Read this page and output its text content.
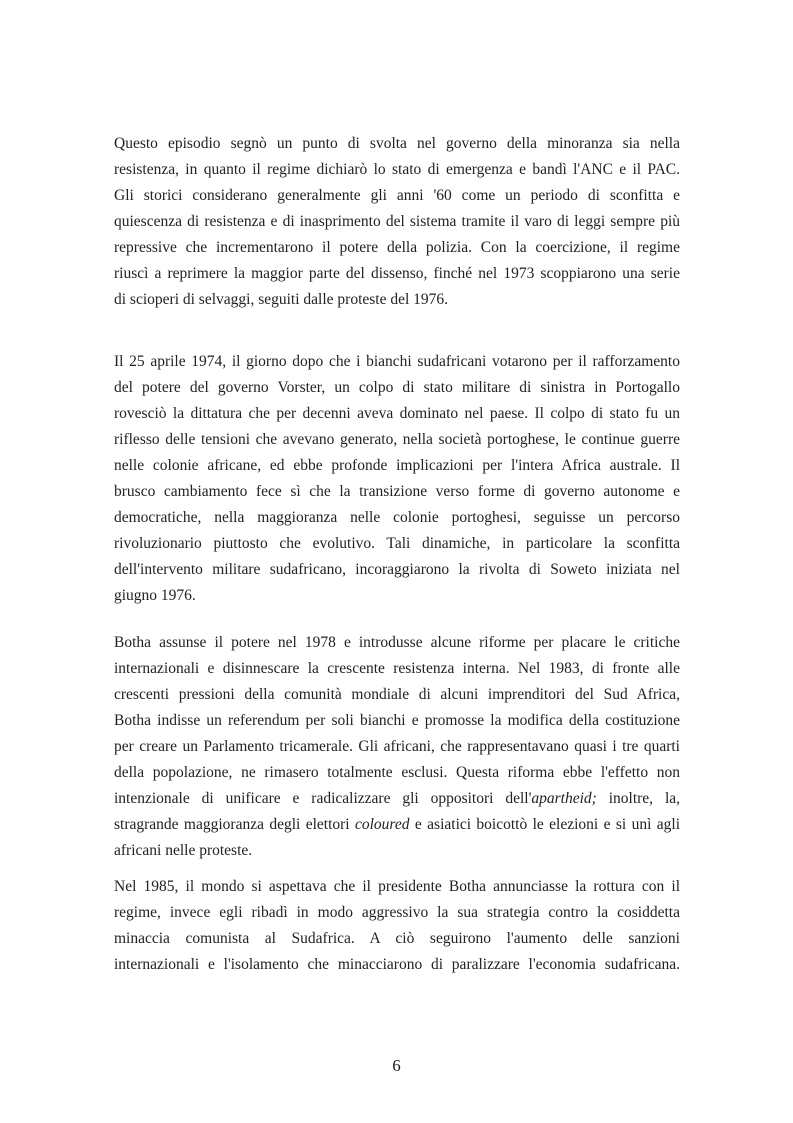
Questo episodio segnò un punto di svolta nel governo della minoranza sia nella
resistenza, in quanto il regime dichiarò lo stato di emergenza e bandì l'ANC e il PAC.
Gli storici considerano generalmente gli anni '60 come un periodo di sconfitta e
quiescenza di resistenza e di inasprimento del sistema tramite il varo di leggi sempre più
repressive che incrementarono il potere della polizia. Con la coercizione, il regime
riuscì a reprimere la maggior parte del dissenso, finché nel 1973 scoppiarono una serie
di scioperi di selvaggi, seguiti dalle proteste del 1976.
Il 25 aprile 1974, il giorno dopo che i bianchi sudafricani votarono per il rafforzamento
del potere del governo Vorster, un colpo di stato militare di sinistra in Portogallo
rovesciò la dittatura che per decenni aveva dominato nel paese. Il colpo di stato fu un
riflesso delle tensioni che avevano generato, nella società portoghese, le continue guerre
nelle colonie africane, ed ebbe profonde implicazioni per l'intera Africa australe. Il
brusco cambiamento fece sì che la transizione verso forme di governo autonome e
democratiche, nella maggioranza nelle colonie portoghesi, seguisse un percorso
rivoluzionario piuttosto che evolutivo. Tali dinamiche, in particolare la sconfitta
dell'intervento militare sudafricano, incoraggiarono la rivolta di Soweto iniziata nel
giugno 1976.
Botha assunse il potere nel 1978 e introdusse alcune riforme per placare le critiche
internazionali e disinnescare la crescente resistenza interna. Nel 1983, di fronte alle
crescenti pressioni della comunità mondiale di alcuni imprenditori del Sud Africa,
Botha indisse un referendum per soli bianchi e promosse la modifica della costituzione
per creare un Parlamento tricamerale. Gli africani, che rappresentavano quasi i tre quarti
della popolazione, ne rimasero totalmente esclusi. Questa riforma ebbe l'effetto non
intenzionale di unificare e radicalizzare gli oppositori dell'apartheid; inoltre, la,
stragrande maggioranza degli elettori coloured e asiatici boicottò le elezioni e si unì agli
africani nelle proteste.
Nel 1985, il mondo si aspettava che il presidente Botha annunciasse la rottura con il
regime, invece egli ribadì in modo aggressivo la sua strategia contro la cosiddetta
minaccia comunista al Sudafrica. A ciò seguirono l'aumento delle sanzioni
internazionali e l'isolamento che minacciarono di paralizzare l'economia sudafricana.
6
